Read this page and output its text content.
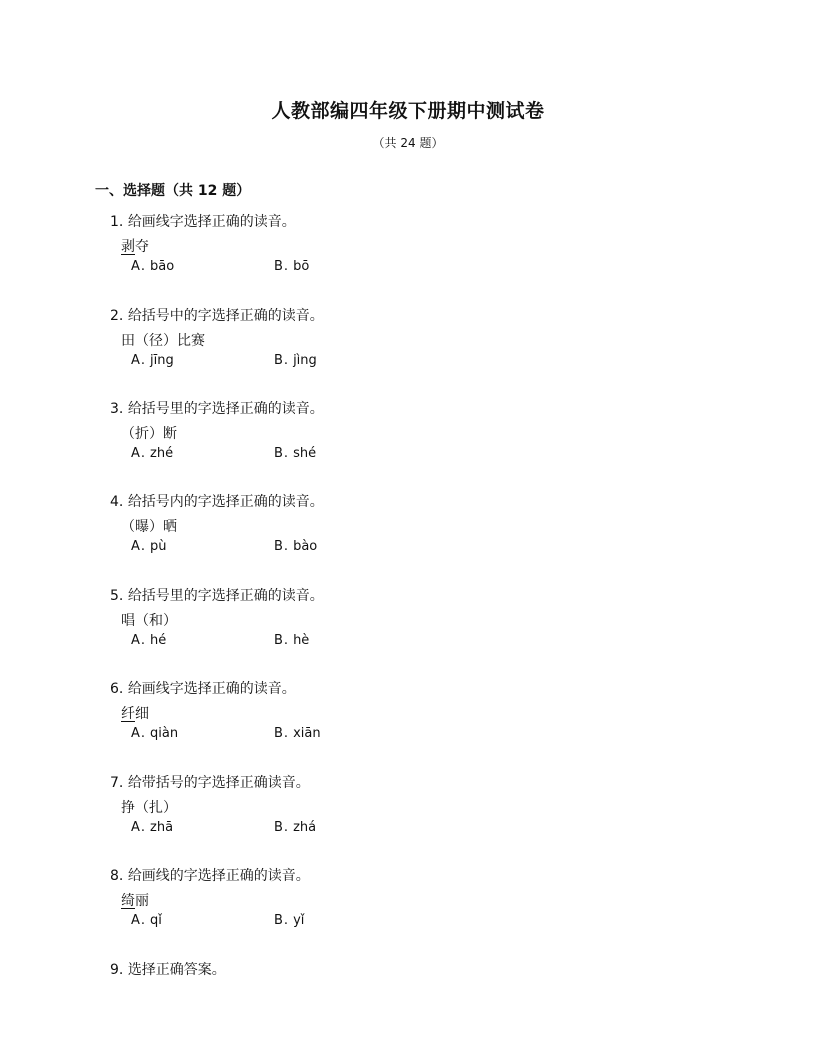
人教部编四年级下册期中测试卷
（共 24 题）
一、选择题（共 12 题）
1. 给画线字选择正确的读音。
剥夺
A. bāo	B. bō
2. 给括号中的字选择正确的读音。
田（径）比赛
A. jīng	B. jìng
3. 给括号里的字选择正确的读音。
（折）断
A. zhé	B. shé
4. 给括号内的字选择正确的读音。
（曝）晒
A. pù	B. bào
5. 给括号里的字选择正确的读音。
唱（和）
A. hé	B. hè
6. 给画线字选择正确的读音。
纤细
A. qiàn	B. xiān
7. 给带括号的字选择正确读音。
挣（扎）
A. zhā	B. zhá
8. 给画线的字选择正确的读音。
绮丽
A. qǐ	B. yǐ
9. 选择正确答案。
